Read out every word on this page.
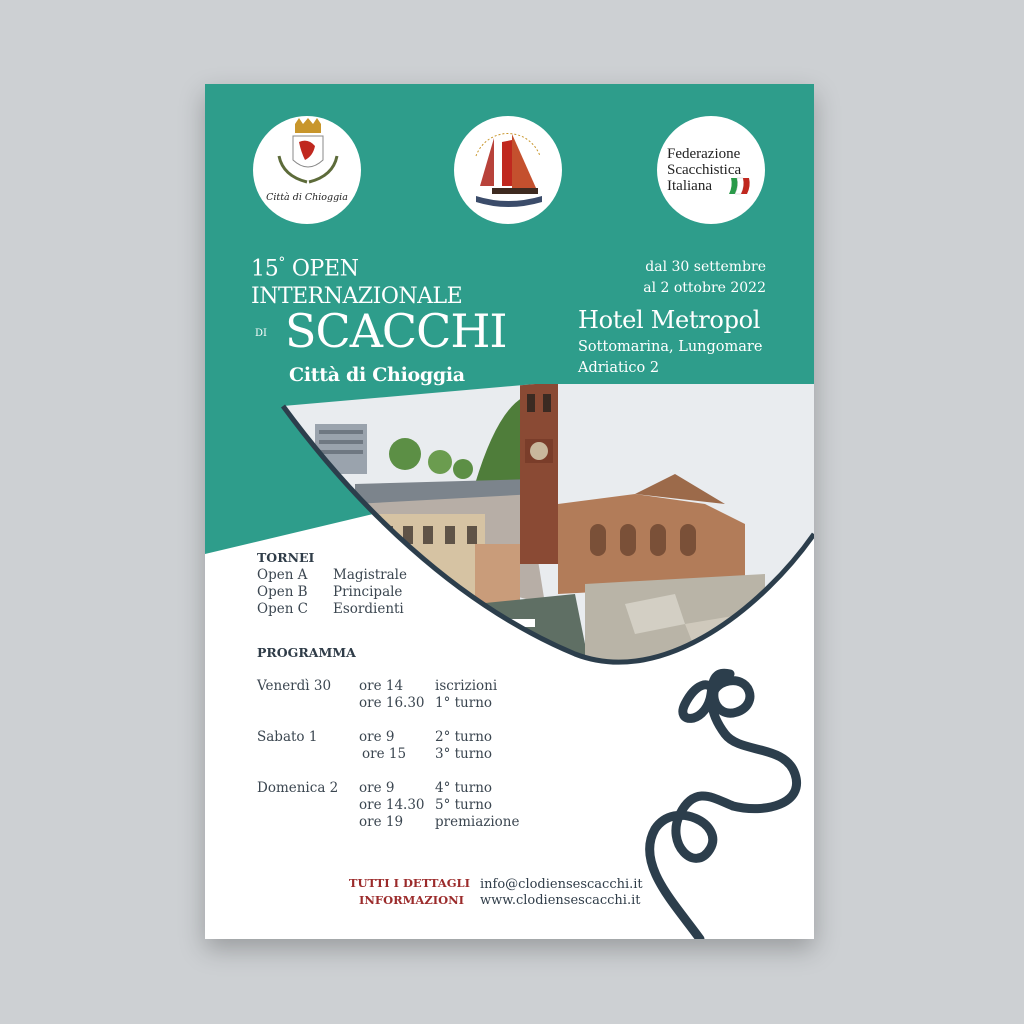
Città di Chioggia
Federazione
Scacchistica
Italiana
15° OPEN
INTERNAZIONALE
DI SCACCHI
Città di Chioggia
dal 30 settembre
al 2 ottobre 2022
Hotel Metropol
Sottomarina, Lungomare
Adriatico 2
TORNEI
Open A Magistrale
Open B Principale
Open C Esordienti
PROGRAMMA
Venerdì 30 ore 14 iscrizioni
ore 16.30 1° turno
Sabato 1	ore 9	2° turno
ore 15 3° turno
Domenica 2 ore 9	4° turno
ore 14.30 5° turno
ore 19 premiazione
TUTTI I DETTAGLI
INFORMAZIONI
info@clodiensescacchi.it
www.clodiensescacchi.it
